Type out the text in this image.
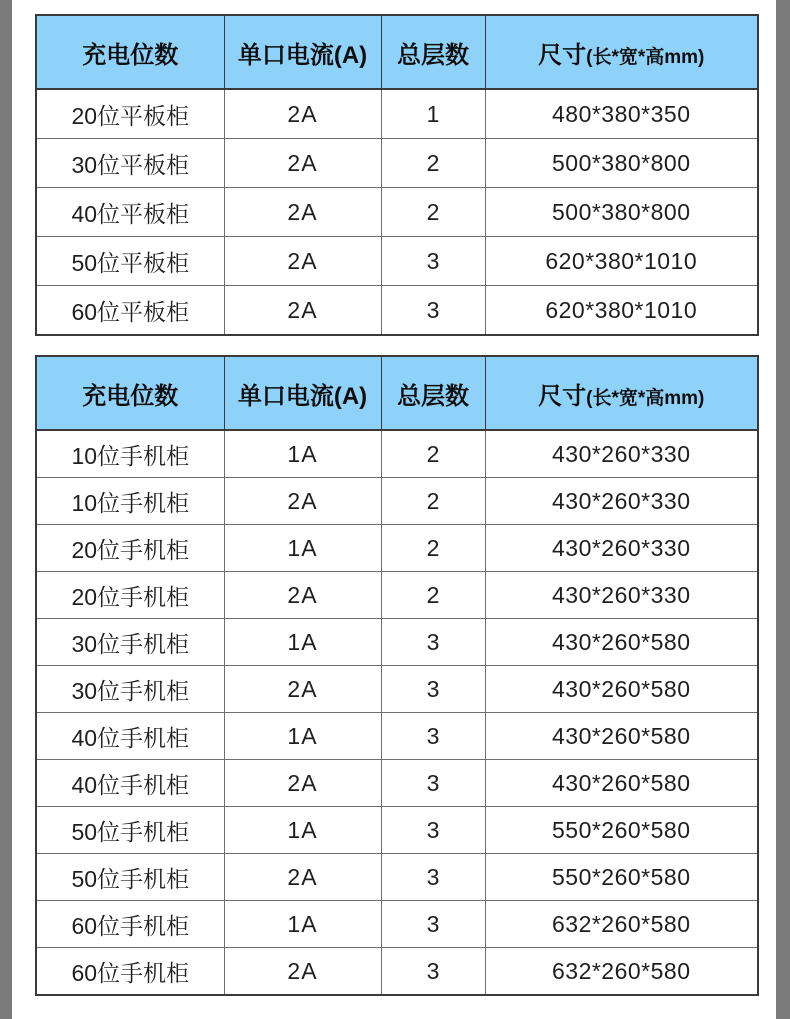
充电位数	单口电流(A)	总层数	尺寸(长*宽*高mm)
20位平板柜	2A	1	480*380*350
30位平板柜	2A	2	500*380*800
40位平板柜	2A	2	500*380*800
50位平板柜	2A	3	620*380*1010
60位平板柜	2A	3	620*380*1010
充电位数	单口电流(A)	总层数	尺寸(长*宽*高mm)
10位手机柜	1A	2	430*260*330
10位手机柜	2A	2	430*260*330
20位手机柜	1A	2	430*260*330
20位手机柜	2A	2	430*260*330
30位手机柜	1A	3	430*260*580
30位手机柜	2A	3	430*260*580
40位手机柜	1A	3	430*260*580
40位手机柜	2A	3	430*260*580
50位手机柜	1A	3	550*260*580
50位手机柜	2A	3	550*260*580
60位手机柜	1A	3	632*260*580
60位手机柜	2A	3	632*260*580
